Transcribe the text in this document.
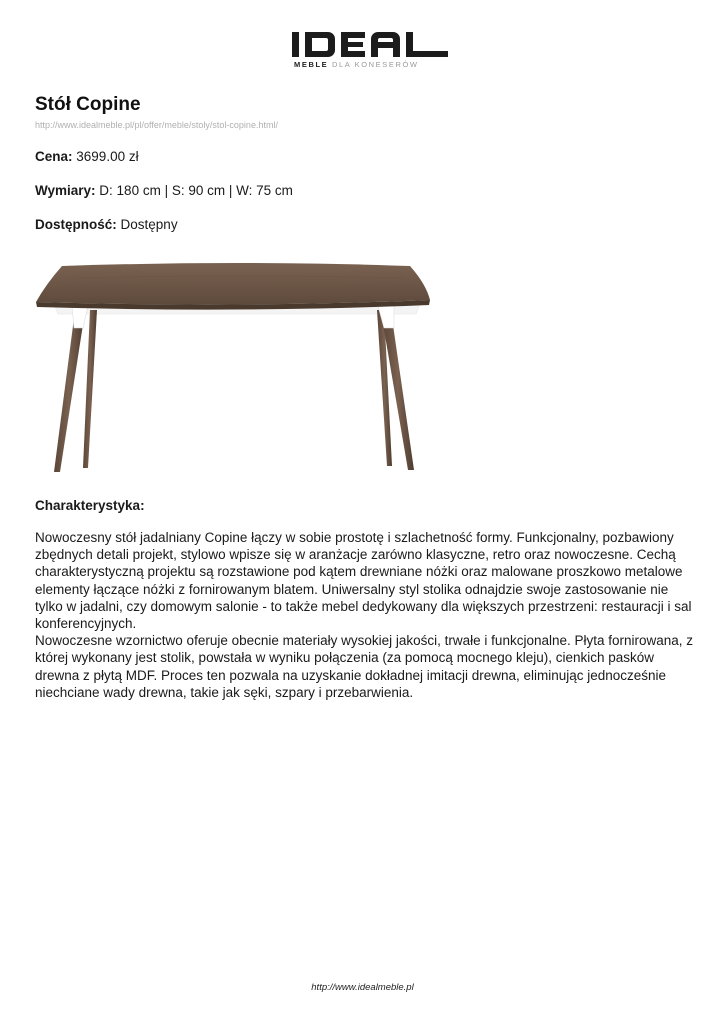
MEBLE DLA KONESERÓW
Stół Copine
http://www.idealmeble.pl/pl/offer/meble/stoly/stol-copine.html/
Cena: 3699.00 zł
Wymiary: D: 180 cm | S: 90 cm | W: 75 cm
Dostępność: Dostępny
Charakterystyka:

Nowoczesny stół jadalniany Copine łączy w sobie prostotę i szlachetność formy. Funkcjonalny, pozbawiony zbędnych detali projekt, stylowo wpisze się w aranżacje zarówno klasyczne, retro oraz nowoczesne. Cechą charakterystyczną projektu są rozstawione pod kątem drewniane nóżki oraz malowane proszkowo metalowe elementy łączące nóżki z fornirowanym blatem. Uniwersalny styl stolika odnajdzie swoje zastosowanie nie tylko w jadalni, czy domowym salonie - to także mebel dedykowany dla większych przestrzeni: restauracji i sal konferencyjnych.

Nowoczesne wzornictwo oferuje obecnie materiały wysokiej jakości, trwałe i funkcjonalne. Płyta fornirowana, z której wykonany jest stolik, powstała w wyniku połączenia (za pomocą mocnego kleju), cienkich pasków drewna z płytą MDF. Proces ten pozwala na uzyskanie dokładnej imitacji drewna, eliminując jednocześnie niechciane wady drewna, takie jak sęki, szpary i przebarwienia.

http://www.idealmeble.pl
